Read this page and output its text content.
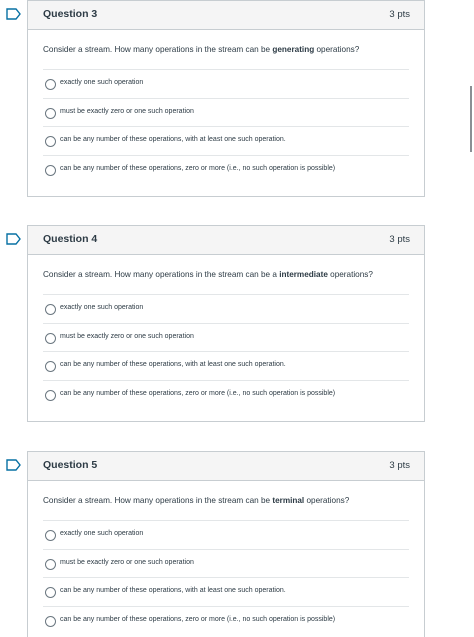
Question 3	3 pts
Consider a stream. How many operations in the stream can be generating operations?
exactly one such operation
must be exactly zero or one such operation
can be any number of these operations, with at least one such operation.
can be any number of these operations, zero or more (i.e., no such operation is possible)
Question 4	3 pts
Consider a stream. How many operations in the stream can be a intermediate operations?
exactly one such operation
must be exactly zero or one such operation
can be any number of these operations, with at least one such operation.
can be any number of these operations, zero or more (i.e., no such operation is possible)
Question 5	3 pts
Consider a stream. How many operations in the stream can be terminal operations?
exactly one such operation
must be exactly zero or one such operation
can be any number of these operations, with at least one such operation.
can be any number of these operations, zero or more (i.e., no such operation is possible)
